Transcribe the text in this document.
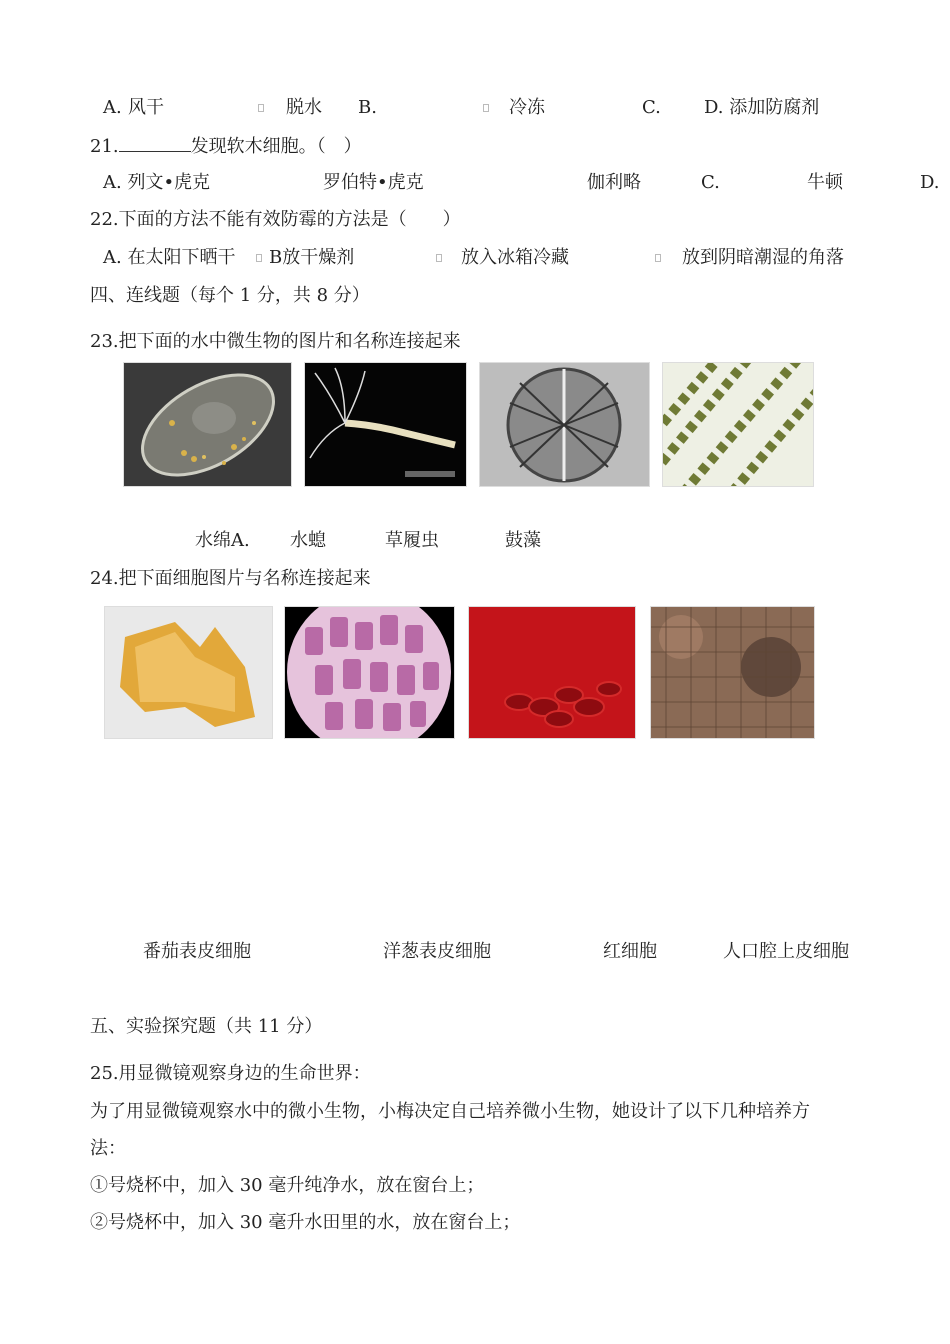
A. 风干	脱水 B.	冷冻	C. D. 添加防腐剂
21.	发现软木细胞。（　）
A. 列文•虎克	罗伯特•虎克	伽利略	C.	牛顿	D.
22.下面的方法不能有效防霉的方法是（　　）
A. 在太阳下晒干 B放干燥剂	放入冰箱冷藏	放到阴暗潮湿的角落
四、连线题（每个 1 分，共 8 分）
23.把下面的水中微生物的图片和名称连接起来
水绵A. 水螅	草履虫	鼓藻
24.把下面细胞图片与名称连接起来
番茄表皮细胞	洋葱表皮细胞	红细胞	人口腔上皮细胞
五、实验探究题（共 11 分）
25.用显微镜观察身边的生命世界：
为了用显微镜观察水中的微小生物，小梅决定自己培养微小生物，她设计了以下几种培养方
法：
①号烧杯中，加入 30 毫升纯净水，放在窗台上；
②号烧杯中，加入 30 毫升水田里的水，放在窗台上；
